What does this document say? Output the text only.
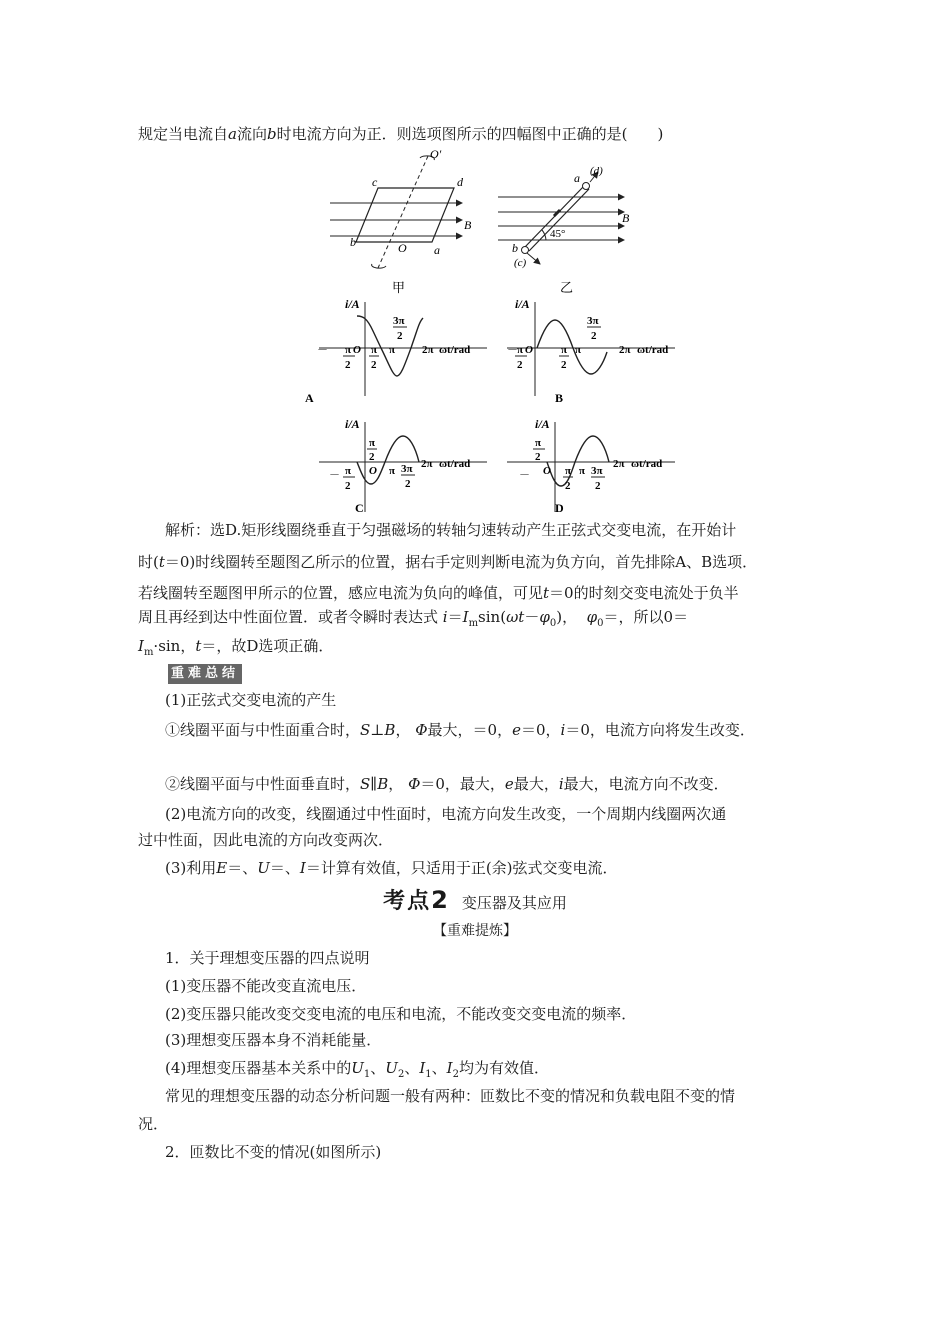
规定当电流自a流向b时电流方向为正．则选项图所示的四幅图中正确的是(　　)
c	d
b
a
O
O′
B
甲
a (d)
b
(c)
B
45°
乙
i/A
ωt/rad
2π
－ π
2
O π
2
π
3π
2
A
i/A
ωt/rad
2π
－ π
2
O	π
2
π
3π
2
B
i/A
ωt/rad
2π
－ π
2
O
π
2
π 3π
2
C
i/A
ωt/rad
2π
－
π
2
O π
2
π 3π
2
D
解析：选D.矩形线圈绕垂直于匀强磁场的转轴匀速转动产生正弦式交变电流，在开始计
时(t＝0)时线圈转至题图乙所示的位置，据右手定则判断电流为负方向，首先排除A、B选项．
若线圈转至题图甲所示的位置，感应电流为负向的峰值，可见t＝0的时刻交变电流处于负半
周且再经到达中性面位置．或者令瞬时表达式 $i=I_m\sin(\omega t-\varphi_0)$， $\varphi_0=$，所以0＝
$I_m\cdot\sin$，t＝，故D选项正确．
重难总结
(1)正弦式交变电流的产生
①线圈平面与中性面重合时，S⊥B， Φ最大，＝0，e＝0，i＝0，电流方向将发生改变．
②线圈平面与中性面垂直时，S∥B， Φ＝0，最大，e最大，i最大，电流方向不改变．
(2)电流方向的改变，线圈通过中性面时，电流方向发生改变，一个周期内线圈两次通
过中性面，因此电流的方向改变两次．
(3)利用E＝、U＝、I＝计算有效值，只适用于正(余)弦式交变电流．
考点2 变压器及其应用
【重难提炼】
1．关于理想变压器的四点说明
(1)变压器不能改变直流电压．
(2)变压器只能改变交变电流的电压和电流，不能改变交变电流的频率．
(3)理想变压器本身不消耗能量．
(4)理想变压器基本关系中的$U_1$、$U_2$、$I_1$、$I_2$均为有效值．
常见的理想变压器的动态分析问题一般有两种：匝数比不变的情况和负载电阻不变的情
况．
2．匝数比不变的情况(如图所示)
